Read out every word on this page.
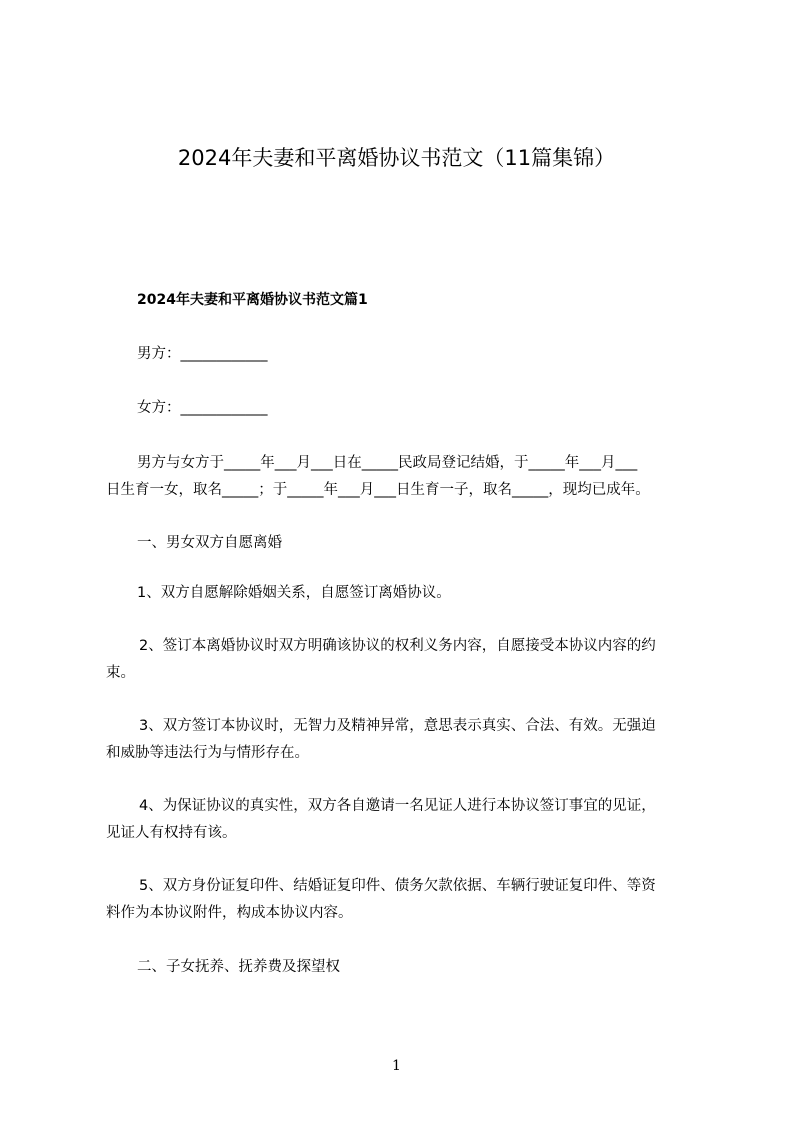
2024年夫妻和平离婚协议书范文（11篇集锦）
2024年夫妻和平离婚协议书范文篇1

男方：____________

女方：____________

男方与女方于_____年___月___日在_____民政局登记结婚，于_____年___月___

日生育一女，取名_____；于_____年___月___日生育一子，取名_____，现均已成年。

一、男女双方自愿离婚

1、双方自愿解除婚姻关系，自愿签订离婚协议。

2、签订本离婚协议时双方明确该协议的权利义务内容，自愿接受本协议内容的约

束。

3、双方签订本协议时，无智力及精神异常，意思表示真实、合法、有效。无强迫

和威胁等违法行为与情形存在。

4、为保证协议的真实性，双方各自邀请一名见证人进行本协议签订事宜的见证，

见证人有权持有该。

5、双方身份证复印件、结婚证复印件、债务欠款依据、车辆行驶证复印件、等资

料作为本协议附件，构成本协议内容。

二、子女抚养、抚养费及探望权

1
